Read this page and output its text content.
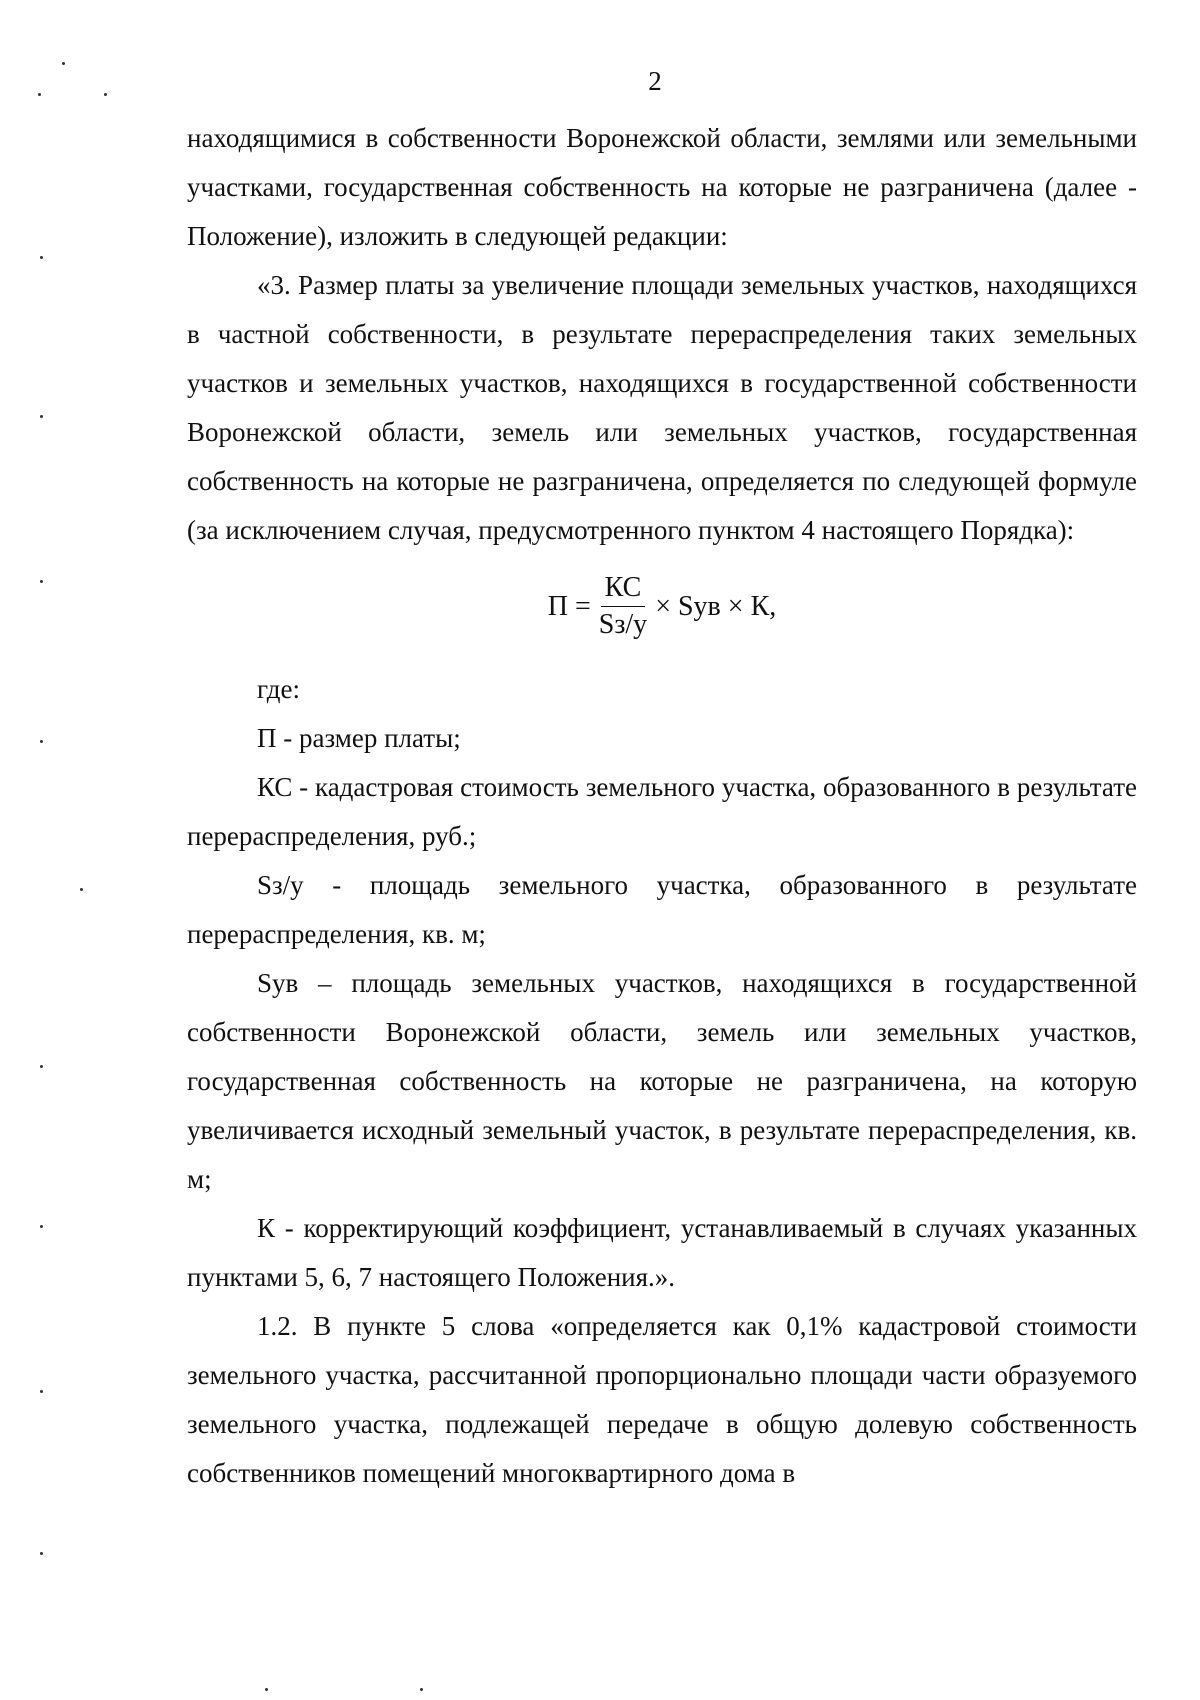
2

находящимися в собственности Воронежской области, землями или земельными участками, государственная собственность на которые не разграничена (далее - Положение), изложить в следующей редакции:

«3. Размер платы за увеличение площади земельных участков, находящихся в частной собственности, в результате перераспределения таких земельных участков и земельных участков, находящихся в государственной собственности Воронежской области, земель или земельных участков, государственная собственность на которые не разграничена, определяется по следующей формуле (за исключением случая, предусмотренного пунктом 4 настоящего Порядка):

$П = \frac{КС}{Sз/у}$ × Sув × К,

где:

П - размер платы;

КС - кадастровая стоимость земельного участка, образованного в результате перераспределения, руб.;

Sз/у - площадь земельного участка, образованного в результате перераспределения, кв. м;

Sув – площадь земельных участков, находящихся в государственной собственности Воронежской области, земель или земельных участков, государственная собственность на которые не разграничена, на которую увеличивается исходный земельный участок, в результате перераспределения, кв. м;

К - корректирующий коэффициент, устанавливаемый в случаях указанных пунктами 5, 6, 7 настоящего Положения.».

1.2. В пункте 5 слова «определяется как 0,1% кадастровой стоимости земельного участка, рассчитанной пропорционально площади части образуемого земельного участка, подлежащей передаче в общую долевую собственность собственников помещений многоквартирного дома в
